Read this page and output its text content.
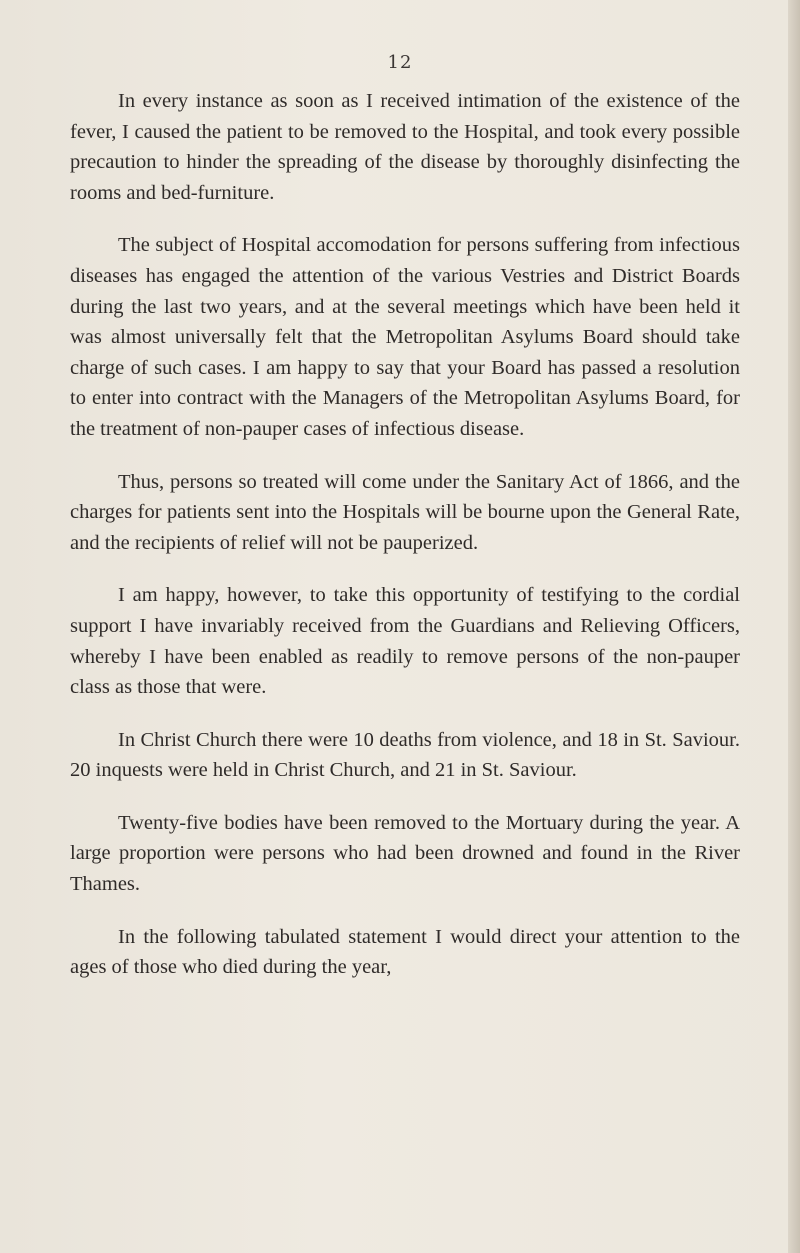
12

In every instance as soon as I received intimation of the existence of the fever, I caused the patient to be removed to the Hospital, and took every possible precaution to hinder the spreading of the disease by thoroughly disinfecting the rooms and bed-furniture.

The subject of Hospital accomodation for persons suffering from infectious diseases has engaged the attention of the various Vestries and District Boards during the last two years, and at the several meetings which have been held it was almost universally felt that the Metropolitan Asylums Board should take charge of such cases. I am happy to say that your Board has passed a resolution to enter into contract with the Managers of the Metropolitan Asylums Board, for the treatment of non-pauper cases of infectious disease.

Thus, persons so treated will come under the Sanitary Act of 1866, and the charges for patients sent into the Hospitals will be bourne upon the General Rate, and the recipients of relief will not be pauperized.

I am happy, however, to take this opportunity of testifying to the cordial support I have invariably received from the Guardians and Relieving Officers, whereby I have been enabled as readily to remove persons of the non-pauper class as those that were.

In Christ Church there were 10 deaths from violence, and 18 in St. Saviour. 20 inquests were held in Christ Church, and 21 in St. Saviour.

Twenty-five bodies have been removed to the Mortuary during the year. A large proportion were persons who had been drowned and found in the River Thames.

In the following tabulated statement I would direct your attention to the ages of those who died during the year,
